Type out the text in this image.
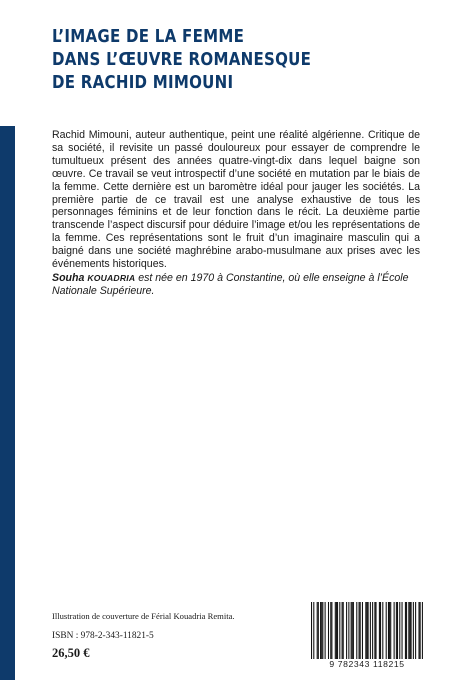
L’IMAGE DE LA FEMME
DANS L’ŒUVRE ROMANESQUE
DE RACHID MIMOUNI

Rachid Mimouni, auteur authentique, peint une réalité algérienne. Critique de sa société, il revisite un passé douloureux pour essayer de comprendre le tumultueux présent des années quatre-vingt-dix dans lequel baigne son œuvre. Ce travail se veut introspectif d’une société en mutation par le biais de la femme. Cette dernière est un baromètre idéal pour jauger les sociétés. La première partie de ce travail est une analyse exhaustive de tous les personnages féminins et de leur fonction dans le récit. La deuxième partie transcende l’aspect discursif pour déduire l’image et/ou les représentations de la femme. Ces représentations sont le fruit d’un imaginaire masculin qui a baigné dans une société maghrébine arabo-musulmane aux prises avec les événements historiques.

Souha KOUADRIA est née en 1970 à Constantine, où elle enseigne à l’École Nationale Supérieure.

Illustration de couverture de Férial Kouadria Remita.
ISBN : 978-2-343-11821-5
26,50 €
9 782343 118215
